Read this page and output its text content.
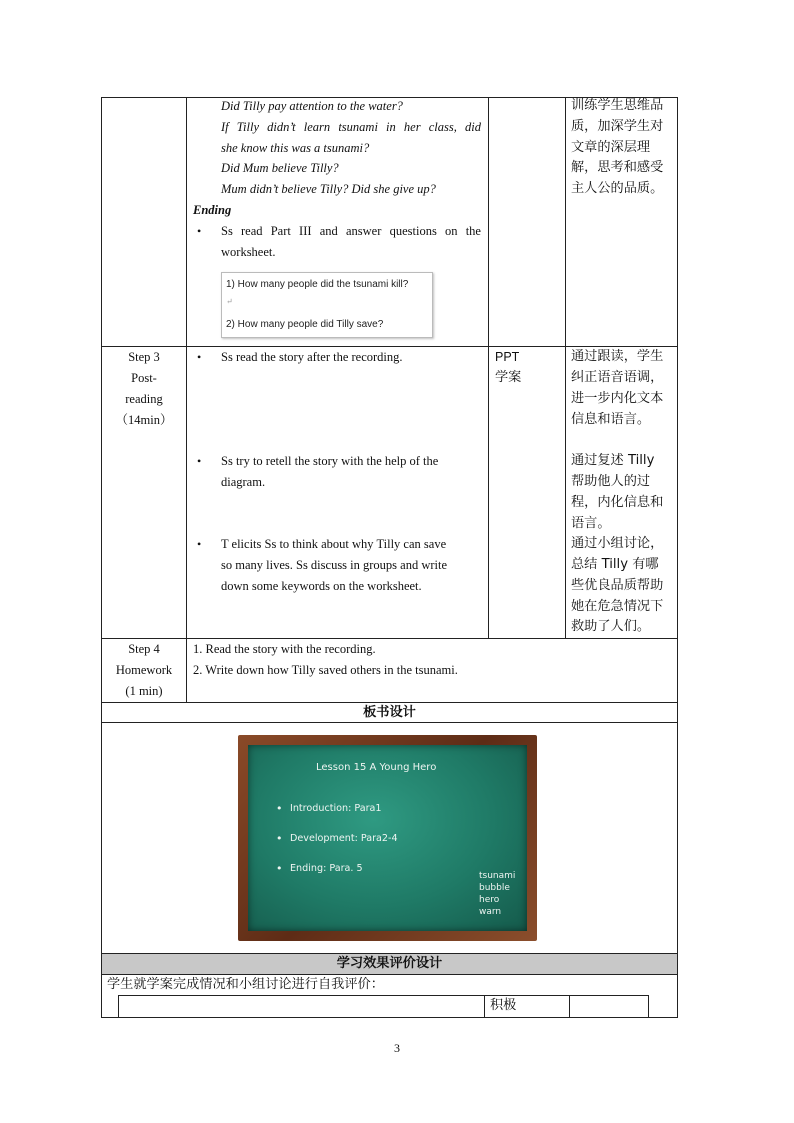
Did Tilly pay attention to the water?
If Tilly didn’t learn tsunami in her class, did
she know this was a tsunami?
Did Mum believe Tilly?
Mum didn’t believe Tilly? Did she give up?
Ending
• Ss read Part III and answer questions on the
worksheet.
1) How many people did the tsunami kill?
↵
2) How many people did Tilly save?
训练学生思维品
质，加深学生对
文章的深层理
解，思考和感受
主人公的品质。
Step 3
Post-
reading
（14min）
• Ss read the story after the recording.
• Ss try to retell the story with the help of the
diagram.
• T elicits Ss to think about why Tilly can save
so many lives. Ss discuss in groups and write
down some keywords on the worksheet.
PPT
学案
通过跟读，学生
纠正语音语调，
进一步内化文本
信息和语言。
通过复述 Tilly
帮助他人的过
程，内化信息和
语言。
通过小组讨论，
总结 Tilly 有哪
些优良品质帮助
她在危急情况下
救助了人们。
Step 4
Homework
(1 min)
1. Read the story with the recording.
2. Write down how Tilly saved others in the tsunami.
板书设计
Lesson 15 A Young Hero
• Introduction: Para1
• Development: Para2-4
• Ending: Para. 5
tsunami
bubble
hero
warn
学习效果评价设计
学生就学案完成情况和小组讨论进行自我评价：
积极
3
